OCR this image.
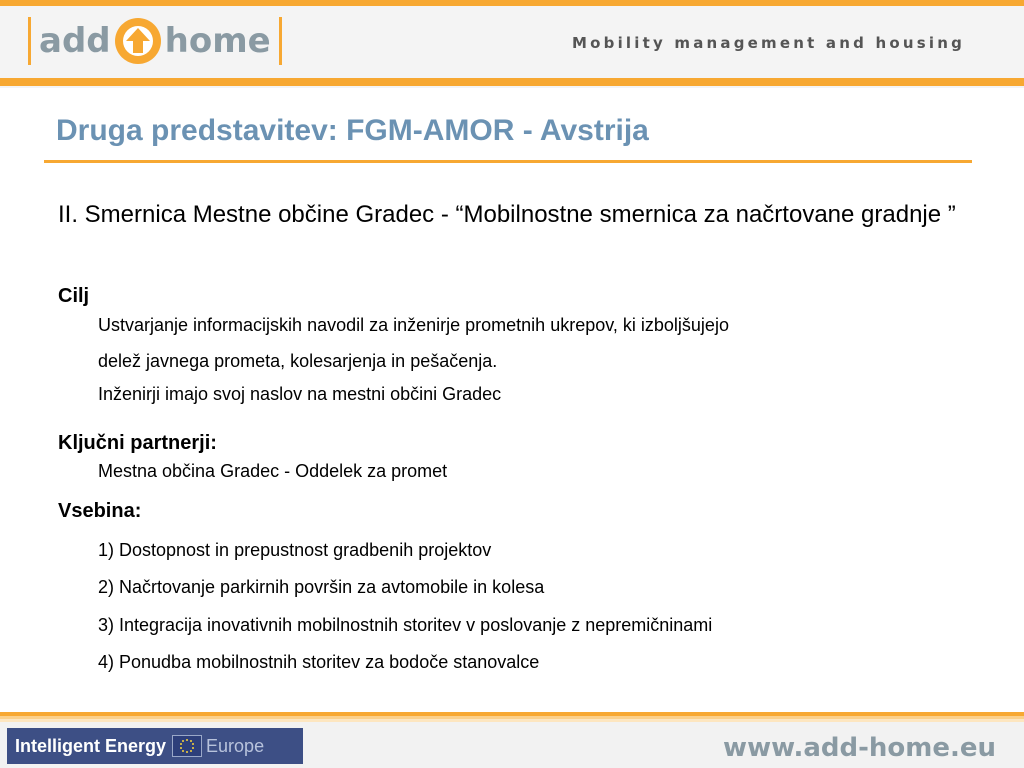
add home	Mobility management and housing
Druga predstavitev: FGM-AMOR - Avstrija
II. Smernica Mestne občine Gradec - “Mobilnostne smernica za načrtovane gradnje ”
Cilj
Ustvarjanje informacijskih navodil za inženirje prometnih ukrepov, ki izboljšujejo
delež javnega prometa, kolesarjenja in pešačenja.
Inženirji imajo svoj naslov na mestni občini Gradec
Ključni partnerji:
Mestna občina Gradec - Oddelek za promet
Vsebina:
1) Dostopnost in prepustnost gradbenih projektov
2) Načrtovanje parkirnih površin za avtomobile in kolesa
3) Integracija inovativnih mobilnostnih storitev v poslovanje z nepremičninami
4) Ponudba mobilnostnih storitev za bodoče stanovalce
Intelligent Energy Europe	www.add-home.eu
